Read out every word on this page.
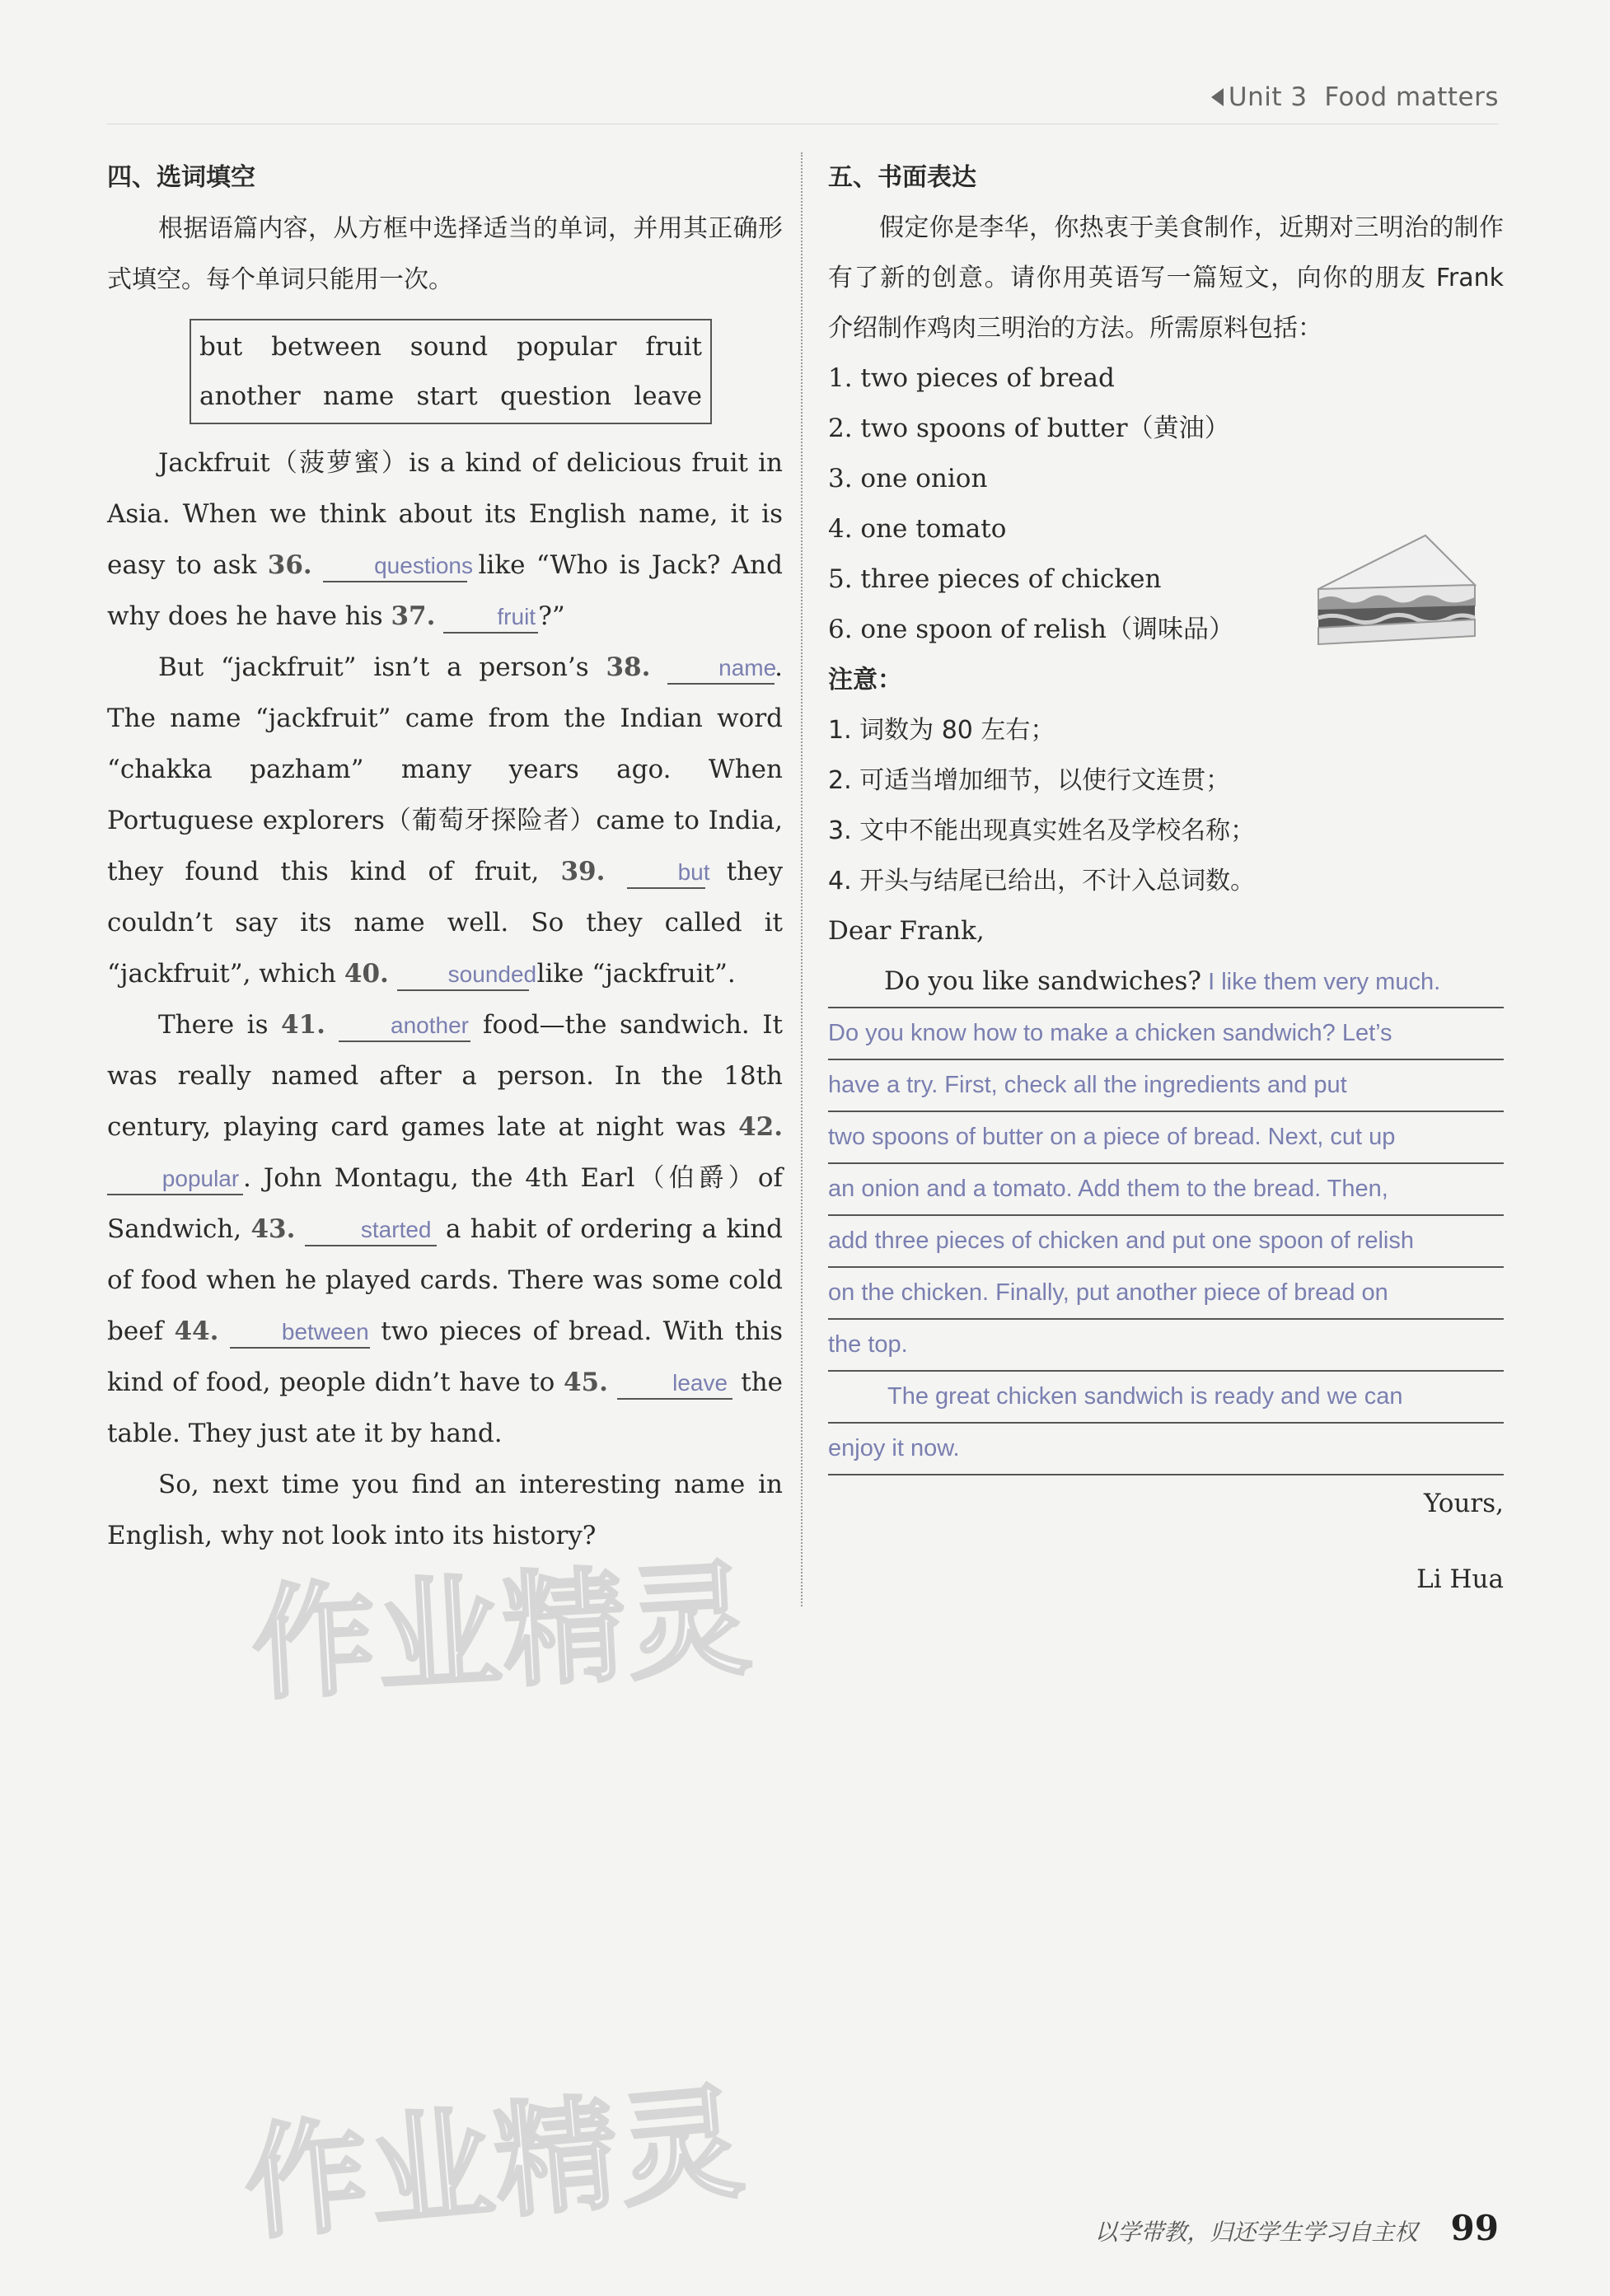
Unit 3 Food matters
四、选词填空

根据语篇内容，从方框中选择适当的单词，并用其正确形式填空。每个单词只能用一次。

but between sound popular fruit
another name start question leave

Jackfruit（菠萝蜜）is a kind of delicious fruit in Asia. When we think about its English name, it is easy to ask 36.	questions like “Who is Jack? And why does he have his 37.	fruit ?”

But “jackfruit” isn’t a person’s 38.	name. The name “jackfruit” came from the Indian word “chakka pazham” many years ago. When Portuguese explorers（葡萄牙探险者）came to India, they found this kind of fruit, 39.	but they couldn’t say its name well. So they called it “jackfruit”, which 40.	sounded like “jackfruit”.

There is 41.	another food—the sandwich. It was really named after a person. In the 18th century, playing card games late at night was 42. popular . John Montagu, the 4th Earl（伯爵）of Sandwich, 43.	started a habit of ordering a kind of food when he played cards. There was some cold beef 44.	between two pieces of bread. With this kind of food, people didn’t have to 45.	leave the table. They just ate it by hand.

So, next time you find an interesting name in English, why not look into its history?

五、书面表达

假定你是李华，你热衷于美食制作，近期对三明治的制作有了新的创意。请你用英语写一篇短文，向你的朋友 Frank 介绍制作鸡肉三明治的方法。所需原料包括：

1. two pieces of bread

2. two spoons of butter（黄油）

3. one onion

4. one tomato

5. three pieces of chicken

6. one spoon of relish（调味品）

注意：

1. 词数为 80 左右；

2. 可适当增加细节，以使行文连贯；

3. 文中不能出现真实姓名及学校名称；

4. 开头与结尾已给出，不计入总词数。

Dear Frank,

Do you like sandwiches? I like them very much.
Do you know how to make a chicken sandwich? Let’s
have a try. First, check all the ingredients and put
two spoons of butter on a piece of bread. Next, cut up
an onion and a tomato. Add them to the bread. Then,
add three pieces of chicken and put one spoon of relish
on the chicken. Finally, put another piece of bread on
the top.
The great chicken sandwich is ready and we can
enjoy it now.

Yours,

Li Hua

作业精灵
作业精灵	以学带教，归还学生学习自主权 99
